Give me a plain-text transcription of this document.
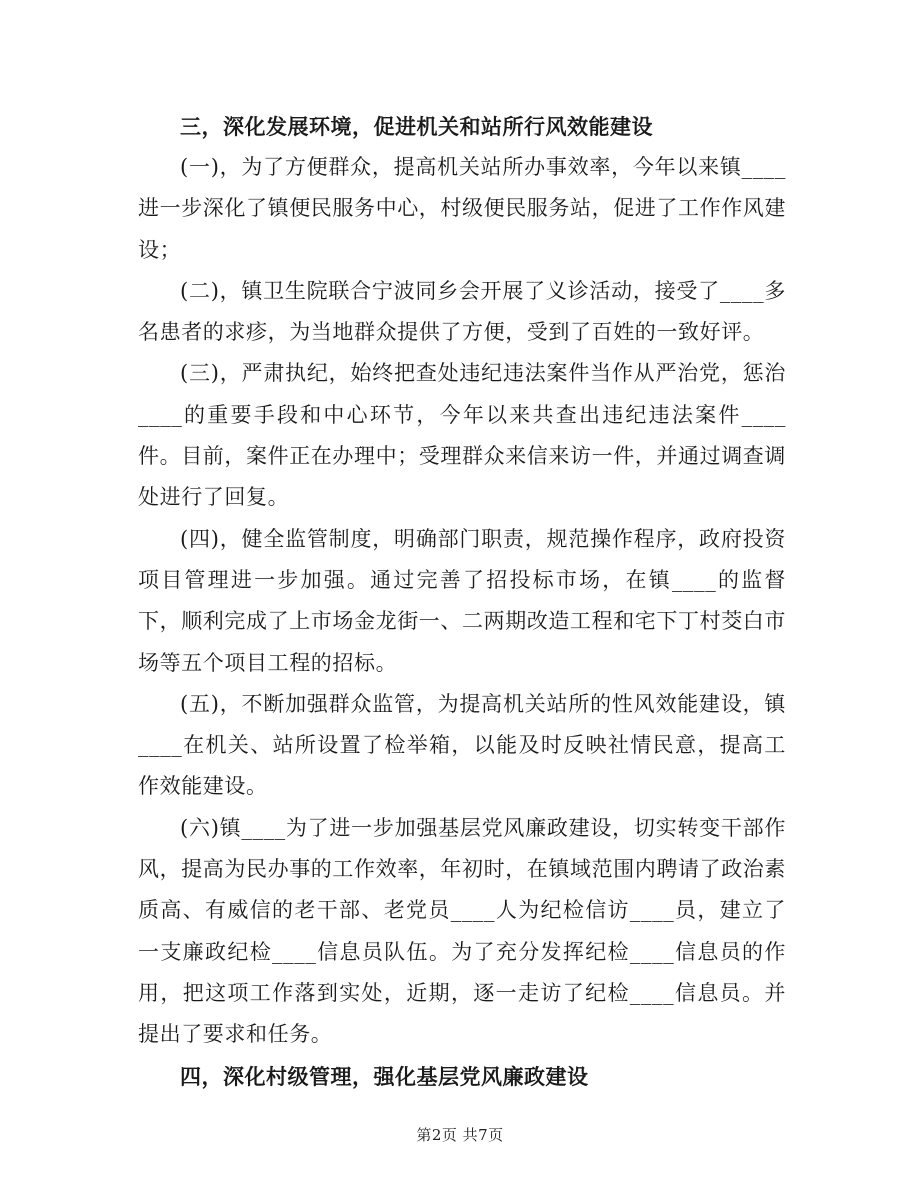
三，深化发展环境，促进机关和站所行风效能建设

(一)，为了方便群众，提高机关站所办事效率，今年以来镇____进一步深化了镇便民服务中心，村级便民服务站，促进了工作作风建设；

(二)，镇卫生院联合宁波同乡会开展了义诊活动，接受了____多名患者的求疹，为当地群众提供了方便，受到了百姓的一致好评。

(三)，严肃执纪，始终把查处违纪违法案件当作从严治党，惩治____的重要手段和中心环节，今年以来共查出违纪违法案件____件。目前，案件正在办理中；受理群众来信来访一件，并通过调查调处进行了回复。

(四)，健全监管制度，明确部门职责，规范操作程序，政府投资项目管理进一步加强。通过完善了招投标市场，在镇____的监督下，顺利完成了上市场金龙街一、二两期改造工程和宅下丁村茭白市场等五个项目工程的招标。

(五)，不断加强群众监管，为提高机关站所的性风效能建设，镇____在机关、站所设置了检举箱，以能及时反映社情民意，提高工作效能建设。

(六)镇____为了进一步加强基层党风廉政建设，切实转变干部作风，提高为民办事的工作效率，年初时，在镇域范围内聘请了政治素质高、有威信的老干部、老党员____人为纪检信访____员，建立了一支廉政纪检____信息员队伍。为了充分发挥纪检____信息员的作用，把这项工作落到实处，近期，逐一走访了纪检____信息员。并提出了要求和任务。

四，深化村级管理，强化基层党风廉政建设

第2页 共7页
